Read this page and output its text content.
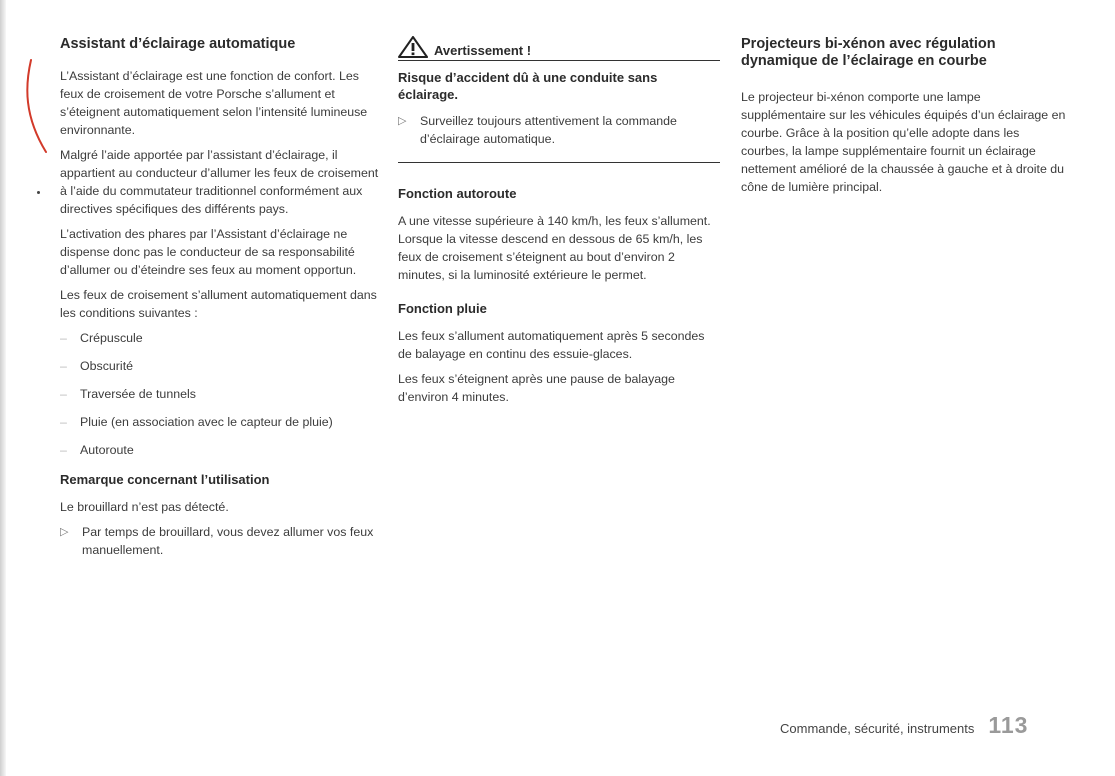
Assistant d’éclairage automatique

L’Assistant d’éclairage est une fonction de confort. Les feux de croisement de votre Porsche s’allument et s’éteignent automatiquement selon l’intensité lumineuse environnante.

Malgré l’aide apportée par l’assistant d’éclairage, il appartient au conducteur d’allumer les feux de croisement à l’aide du commutateur traditionnel conformément aux directives spécifiques des différents pays.

L’activation des phares par l’Assistant d’éclairage ne dispense donc pas le conducteur de sa responsabilité d’allumer ou d’éteindre ses feux au moment opportun.

Les feux de croisement s’allument automatiquement dans les conditions suivantes :

– Crépuscule
– Obscurité
– Traversée de tunnels
– Pluie (en association avec le capteur de pluie)
– Autoroute
Remarque concernant l’utilisation

Le brouillard n’est pas détecté.

▷ Par temps de brouillard, vous devez allumer vos feux manuellement.
Avertissement !
Risque d’accident dû à une conduite sans éclairage.
▷ Surveillez toujours attentivement la commande d’éclairage automatique.
Fonction autoroute

A une vitesse supérieure à 140 km/h, les feux s’allument. Lorsque la vitesse descend en dessous de 65 km/h, les feux de croisement s’éteignent au bout d’environ 2 minutes, si la luminosité extérieure le permet.

Fonction pluie

Les feux s’allument automatiquement après 5 secondes de balayage en continu des essuie-glaces.

Les feux s’éteignent après une pause de balayage d’environ 4 minutes.

Projecteurs bi-xénon avec régulation dynamique de l’éclairage en courbe

Le projecteur bi-xénon comporte une lampe supplémentaire sur les véhicules équipés d’un éclairage en courbe. Grâce à la position qu’elle adopte dans les courbes, la lampe supplémentaire fournit un éclairage nettement amélioré de la chaussée à gauche et à droite du cône de lumière principal.

Commande, sécurité, instruments 113
